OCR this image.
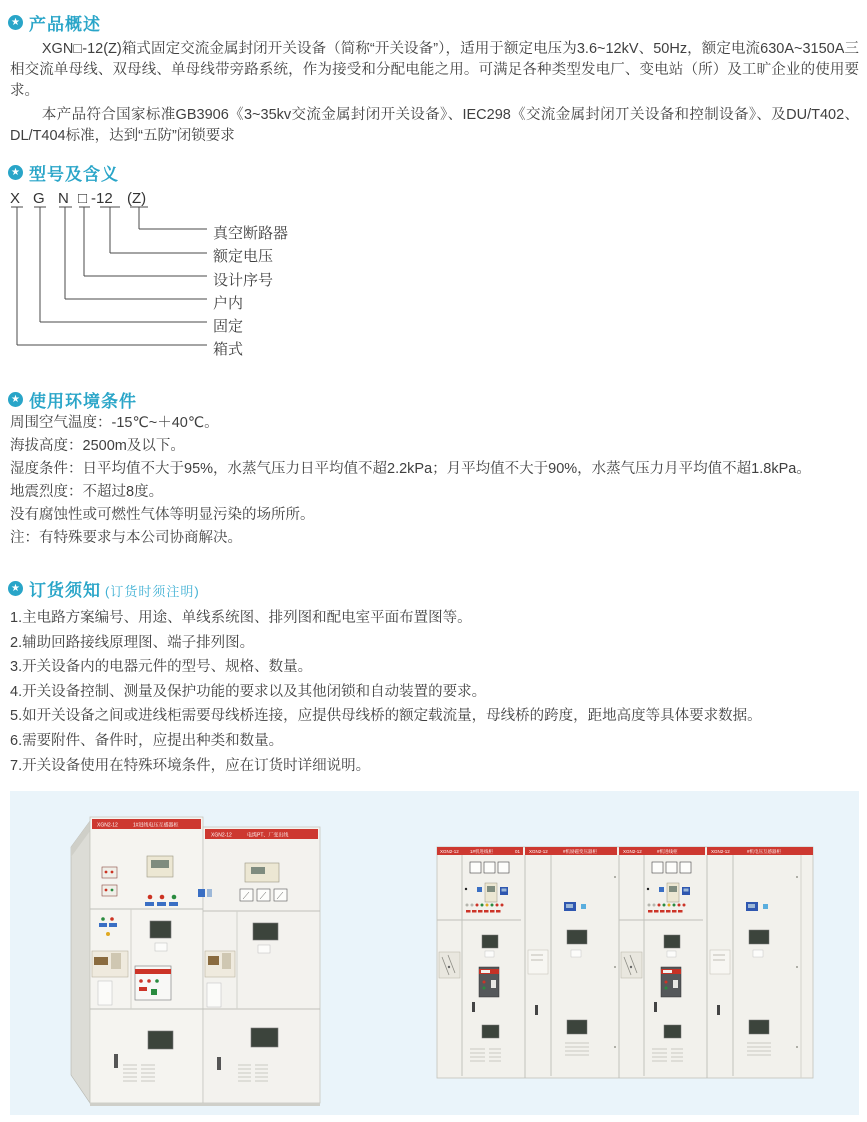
★ 产品概述

XGN□-12(Z)箱式固定交流金属封闭开关设备（简称“开关设备”），适用于额定电压为3.6~12kV、50Hz，额定电流630A~3150A三相交流单母线、双母线、单母线带旁路系统，作为接受和分配电能之用。可满足各种类型发电厂、变电站（所）及工旷企业的使用要求。

本产品符合国家标准GB3906《3~35kv交流金属封闭开关设备》、IEC298《交流金属封闭丌关设备和控制设备》、及DU/T402、DL/T404标准，达到“五防”闭锁要求

★ 型号及含义
X G N □ -12 (Z)
真空断路器
额定电压
设计序号
户内
固定
箱式
★ 使用环境条件
周围空气温度：-15℃~＋40℃。
海拔高度：2500m及以下。
湿度条件：日平均值不大于95%，水蒸气压力日平均值不超2.2kPa；月平均值不大于90%，水蒸气压力月平均值不超1.8kPa。
地震烈度：不超过8度。
没有腐蚀性或可燃性气体等明显污染的场所所。
注：有特殊要求与本公司协商解决。
★ 订货须知 (订货时须注明)
1.主电路方案编号、用途、单线系统图、排列图和配电室平面布置图等。
2.辅助回路接线原理图、端子排列图。
3.开关设备内的电器元件的型号、规格、数量。
4.开关设备控制、测量及保护功能的要求以及其他闭锁和自动装置的要求。
5.如开关设备之间或进线柜需要母线桥连接，应提供母线桥的额定载流量，母线桥的跨度，距地高度等具体要求数据。
6.需要附件、备件时，应提出种类和数量。
7.开关设备使用在特殊环境条件，应在订货时详细说明。
XGN2-12	1#进线电压互感器柜
XGN2-12	电缆PT、厂变出线
XGN2-12 1#机进线柜	01 XGN2-12	#机励磁变压器柜	XGN2-12	#机进线柜	XGN2-12	#机电压互感器柜
